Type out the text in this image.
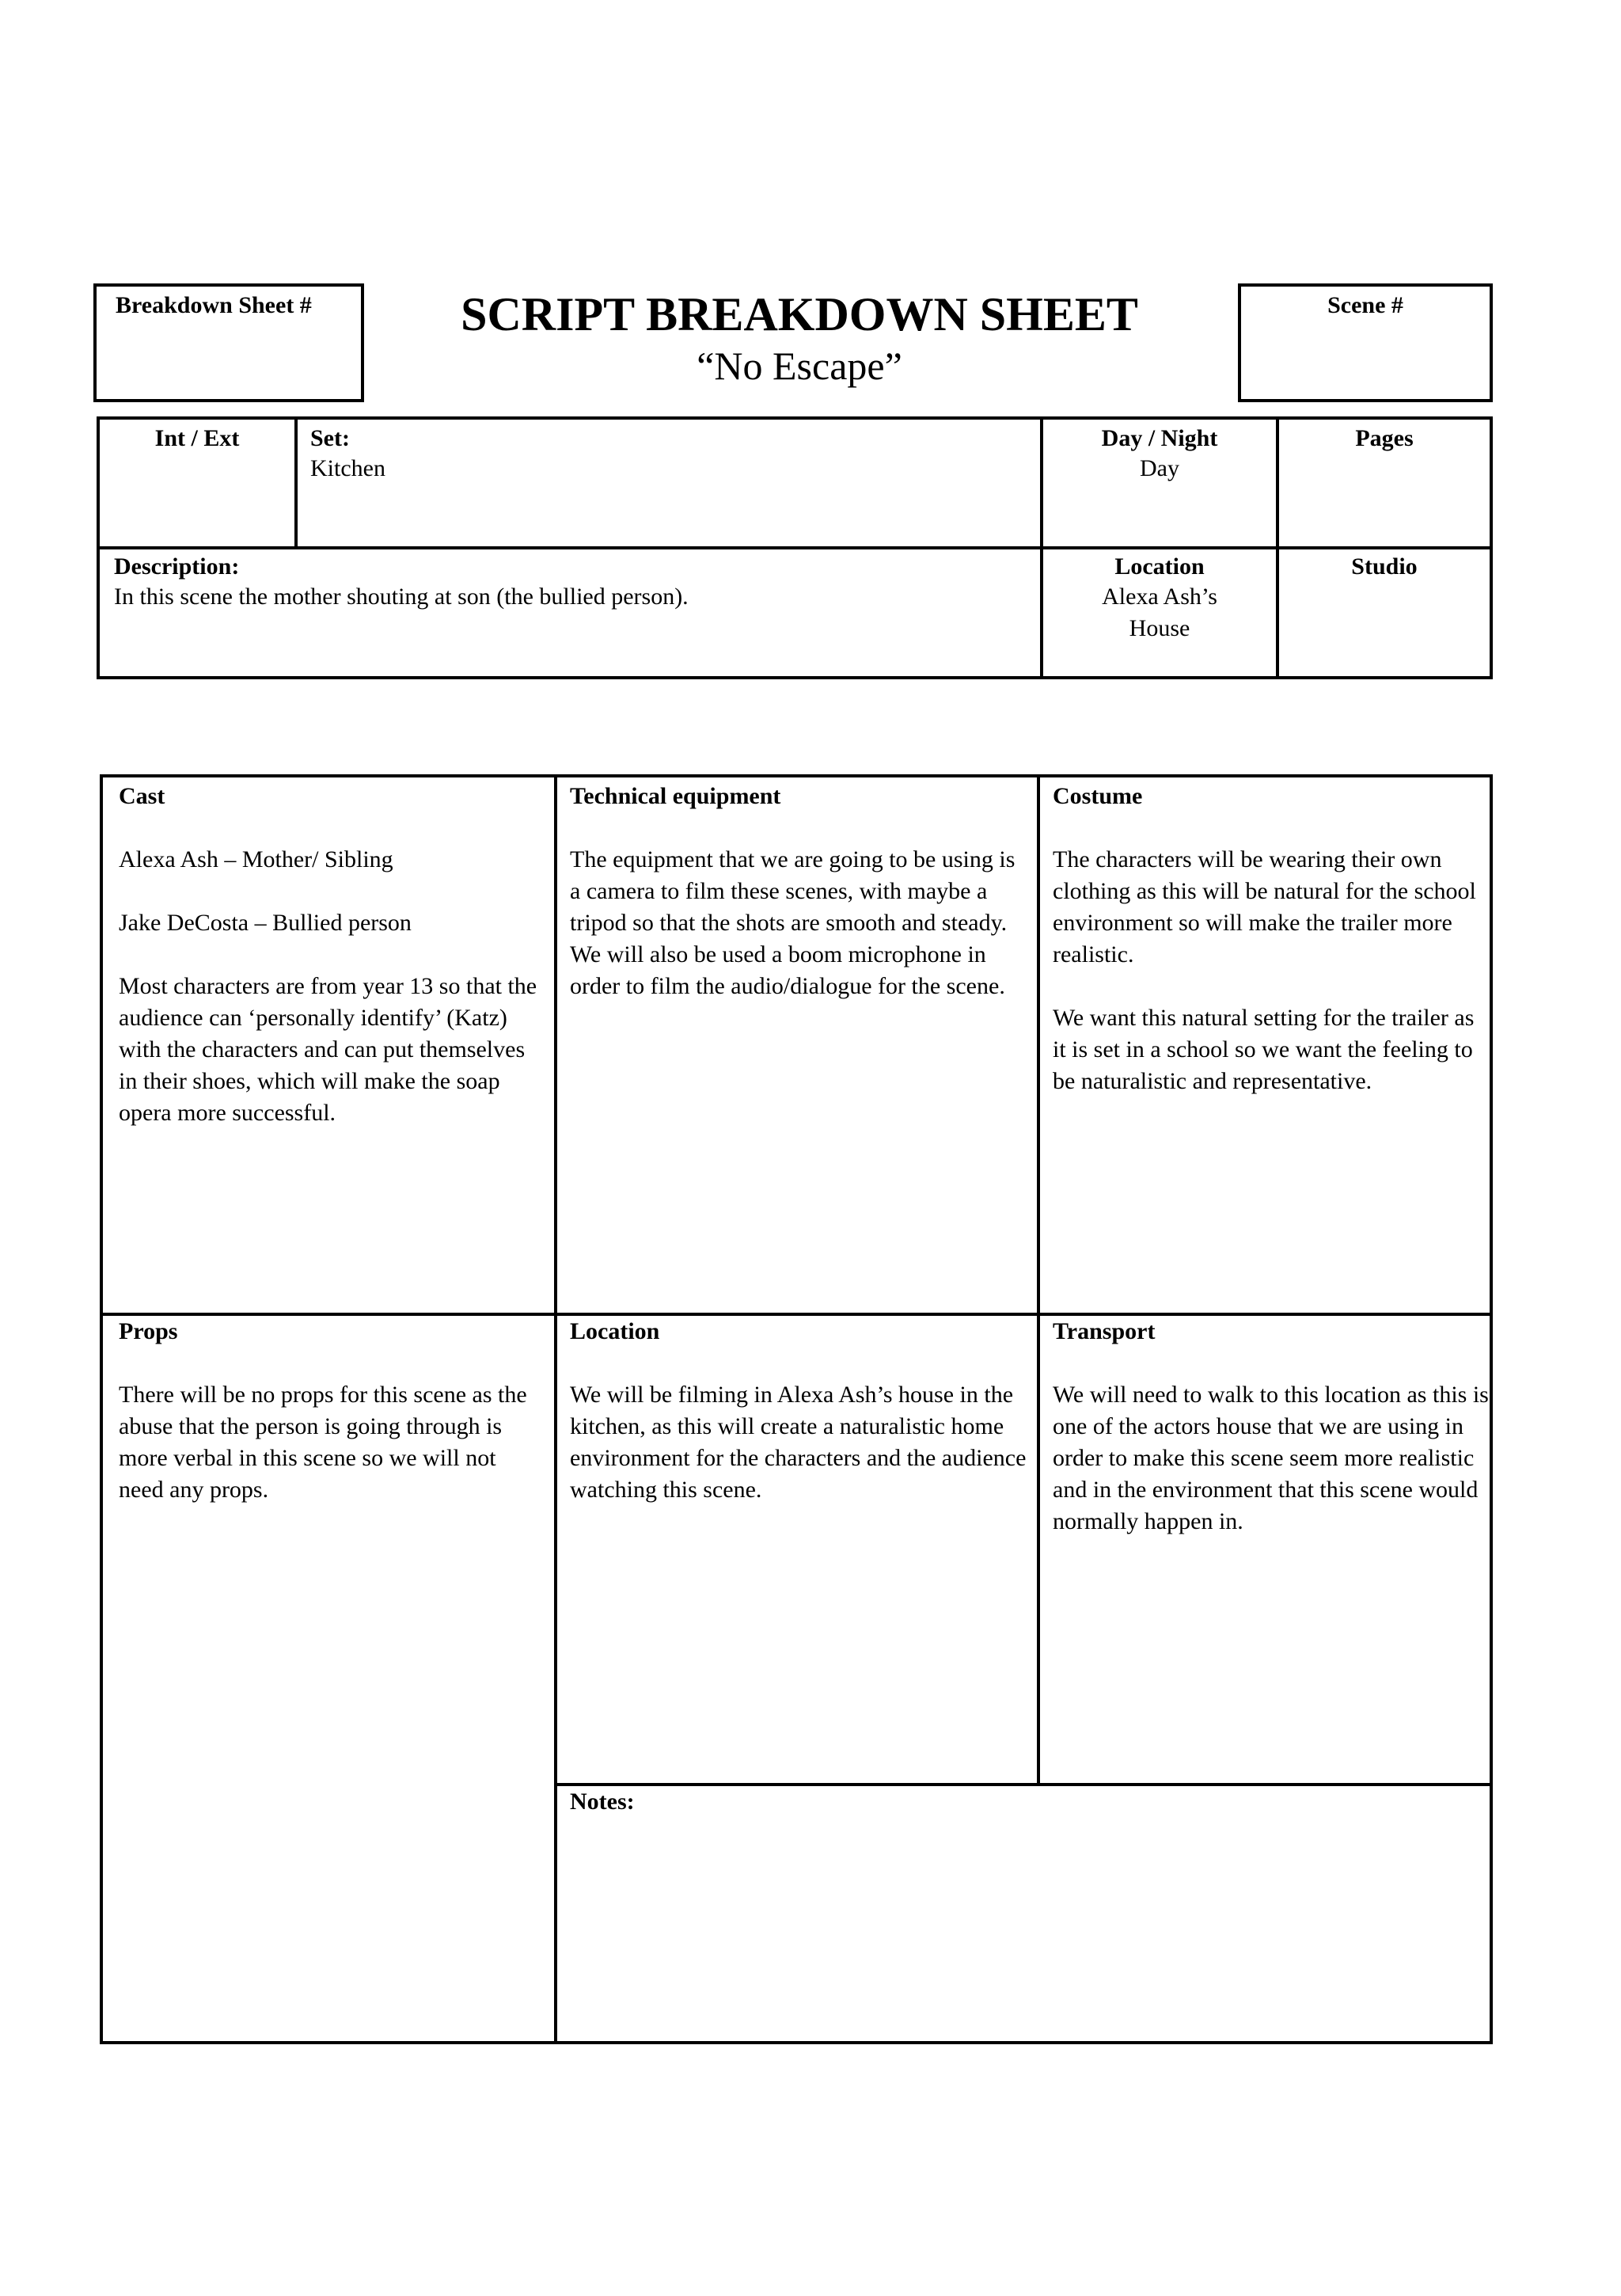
Breakdown Sheet #	SCRIPT BREAKDOWN SHEET
“No Escape”
Scene #
Int / Ext	Set:
Kitchen
Day / Night
Day
Pages
Description:
In this scene the mother shouting at son (the bullied person).
Location
Alexa Ash’s
House
Studio
Cast

Alexa Ash – Mother/ Sibling

Jake DeCosta – Bullied person

Most characters are from year 13 so that the audience can ‘personally identify’ (Katz) with the characters and can put themselves in their shoes, which will make the soap opera more successful.

Technical equipment

The equipment that we are going to be using is a camera to film these scenes, with maybe a tripod so that the shots are smooth and steady. We will also be used a boom microphone in order to film the audio/dialogue for the scene.

Costume

The characters will be wearing their own clothing as this will be natural for the school environment so will make the trailer more realistic.

We want this natural setting for the trailer as it is set in a school so we want the feeling to be naturalistic and representative.

Props

There will be no props for this scene as the abuse that the person is going through is more verbal in this scene so we will not need any props.

Location

We will be filming in Alexa Ash’s house in the kitchen, as this will create a naturalistic home environment for the characters and the audience watching this scene.

Transport

We will need to walk to this location as this is one of the actors house that we are using in order to make this scene seem more realistic and in the environment that this scene would normally happen in.

Notes:
